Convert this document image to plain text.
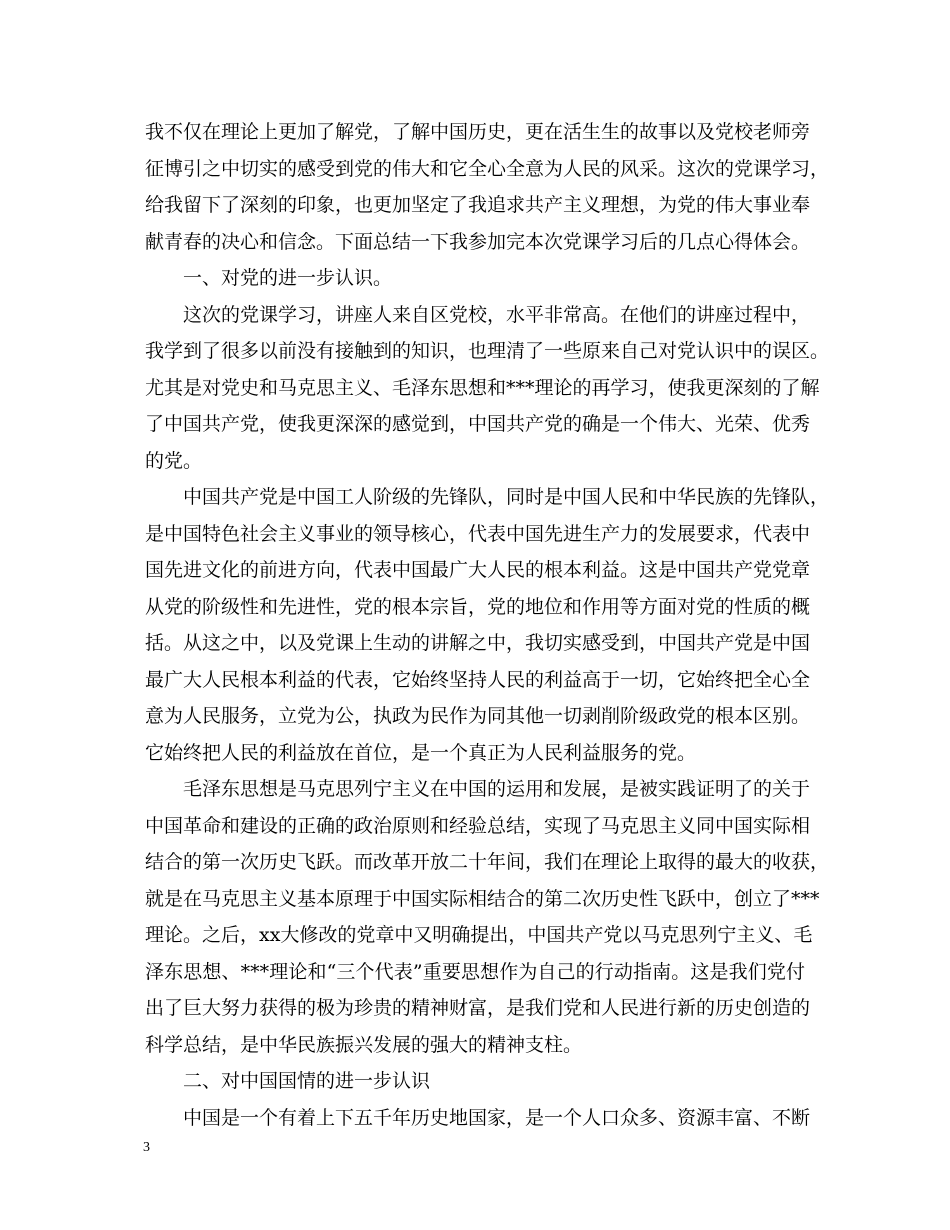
我不仅在理论上更加了解党，了解中国历史，更在活生生的故事以及党校老师旁
征博引之中切实的感受到党的伟大和它全心全意为人民的风采。这次的党课学习，
给我留下了深刻的印象，也更加坚定了我追求共产主义理想，为党的伟大事业奉
献青春的决心和信念。下面总结一下我参加完本次党课学习后的几点心得体会。
一、对党的进一步认识。
这次的党课学习，讲座人来自区党校，水平非常高。在他们的讲座过程中，
我学到了很多以前没有接触到的知识，也理清了一些原来自己对党认识中的误区。
尤其是对党史和马克思主义、毛泽东思想和***理论的再学习，使我更深刻的了解
了中国共产党，使我更深深的感觉到，中国共产党的确是一个伟大、光荣、优秀
的党。
中国共产党是中国工人阶级的先锋队，同时是中国人民和中华民族的先锋队，
是中国特色社会主义事业的领导核心，代表中国先进生产力的发展要求，代表中
国先进文化的前进方向，代表中国最广大人民的根本利益。这是中国共产党党章
从党的阶级性和先进性，党的根本宗旨，党的地位和作用等方面对党的性质的概
括。从这之中，以及党课上生动的讲解之中，我切实感受到，中国共产党是中国
最广大人民根本利益的代表，它始终坚持人民的利益高于一切，它始终把全心全
意为人民服务，立党为公，执政为民作为同其他一切剥削阶级政党的根本区别。
它始终把人民的利益放在首位，是一个真正为人民利益服务的党。
毛泽东思想是马克思列宁主义在中国的运用和发展，是被实践证明了的关于
中国革命和建设的正确的政治原则和经验总结，实现了马克思主义同中国实际相
结合的第一次历史飞跃。而改革开放二十年间，我们在理论上取得的最大的收获，
就是在马克思主义基本原理于中国实际相结合的第二次历史性飞跃中，创立了***
理论。之后，xx大修改的党章中又明确提出，中国共产党以马克思列宁主义、毛
泽东思想、***理论和“三个代表”重要思想作为自己的行动指南。这是我们党付
出了巨大努力获得的极为珍贵的精神财富，是我们党和人民进行新的历史创造的
科学总结，是中华民族振兴发展的强大的精神支柱。
二、对中国国情的进一步认识
中国是一个有着上下五千年历史地国家，是一个人口众多、资源丰富、不断
3
